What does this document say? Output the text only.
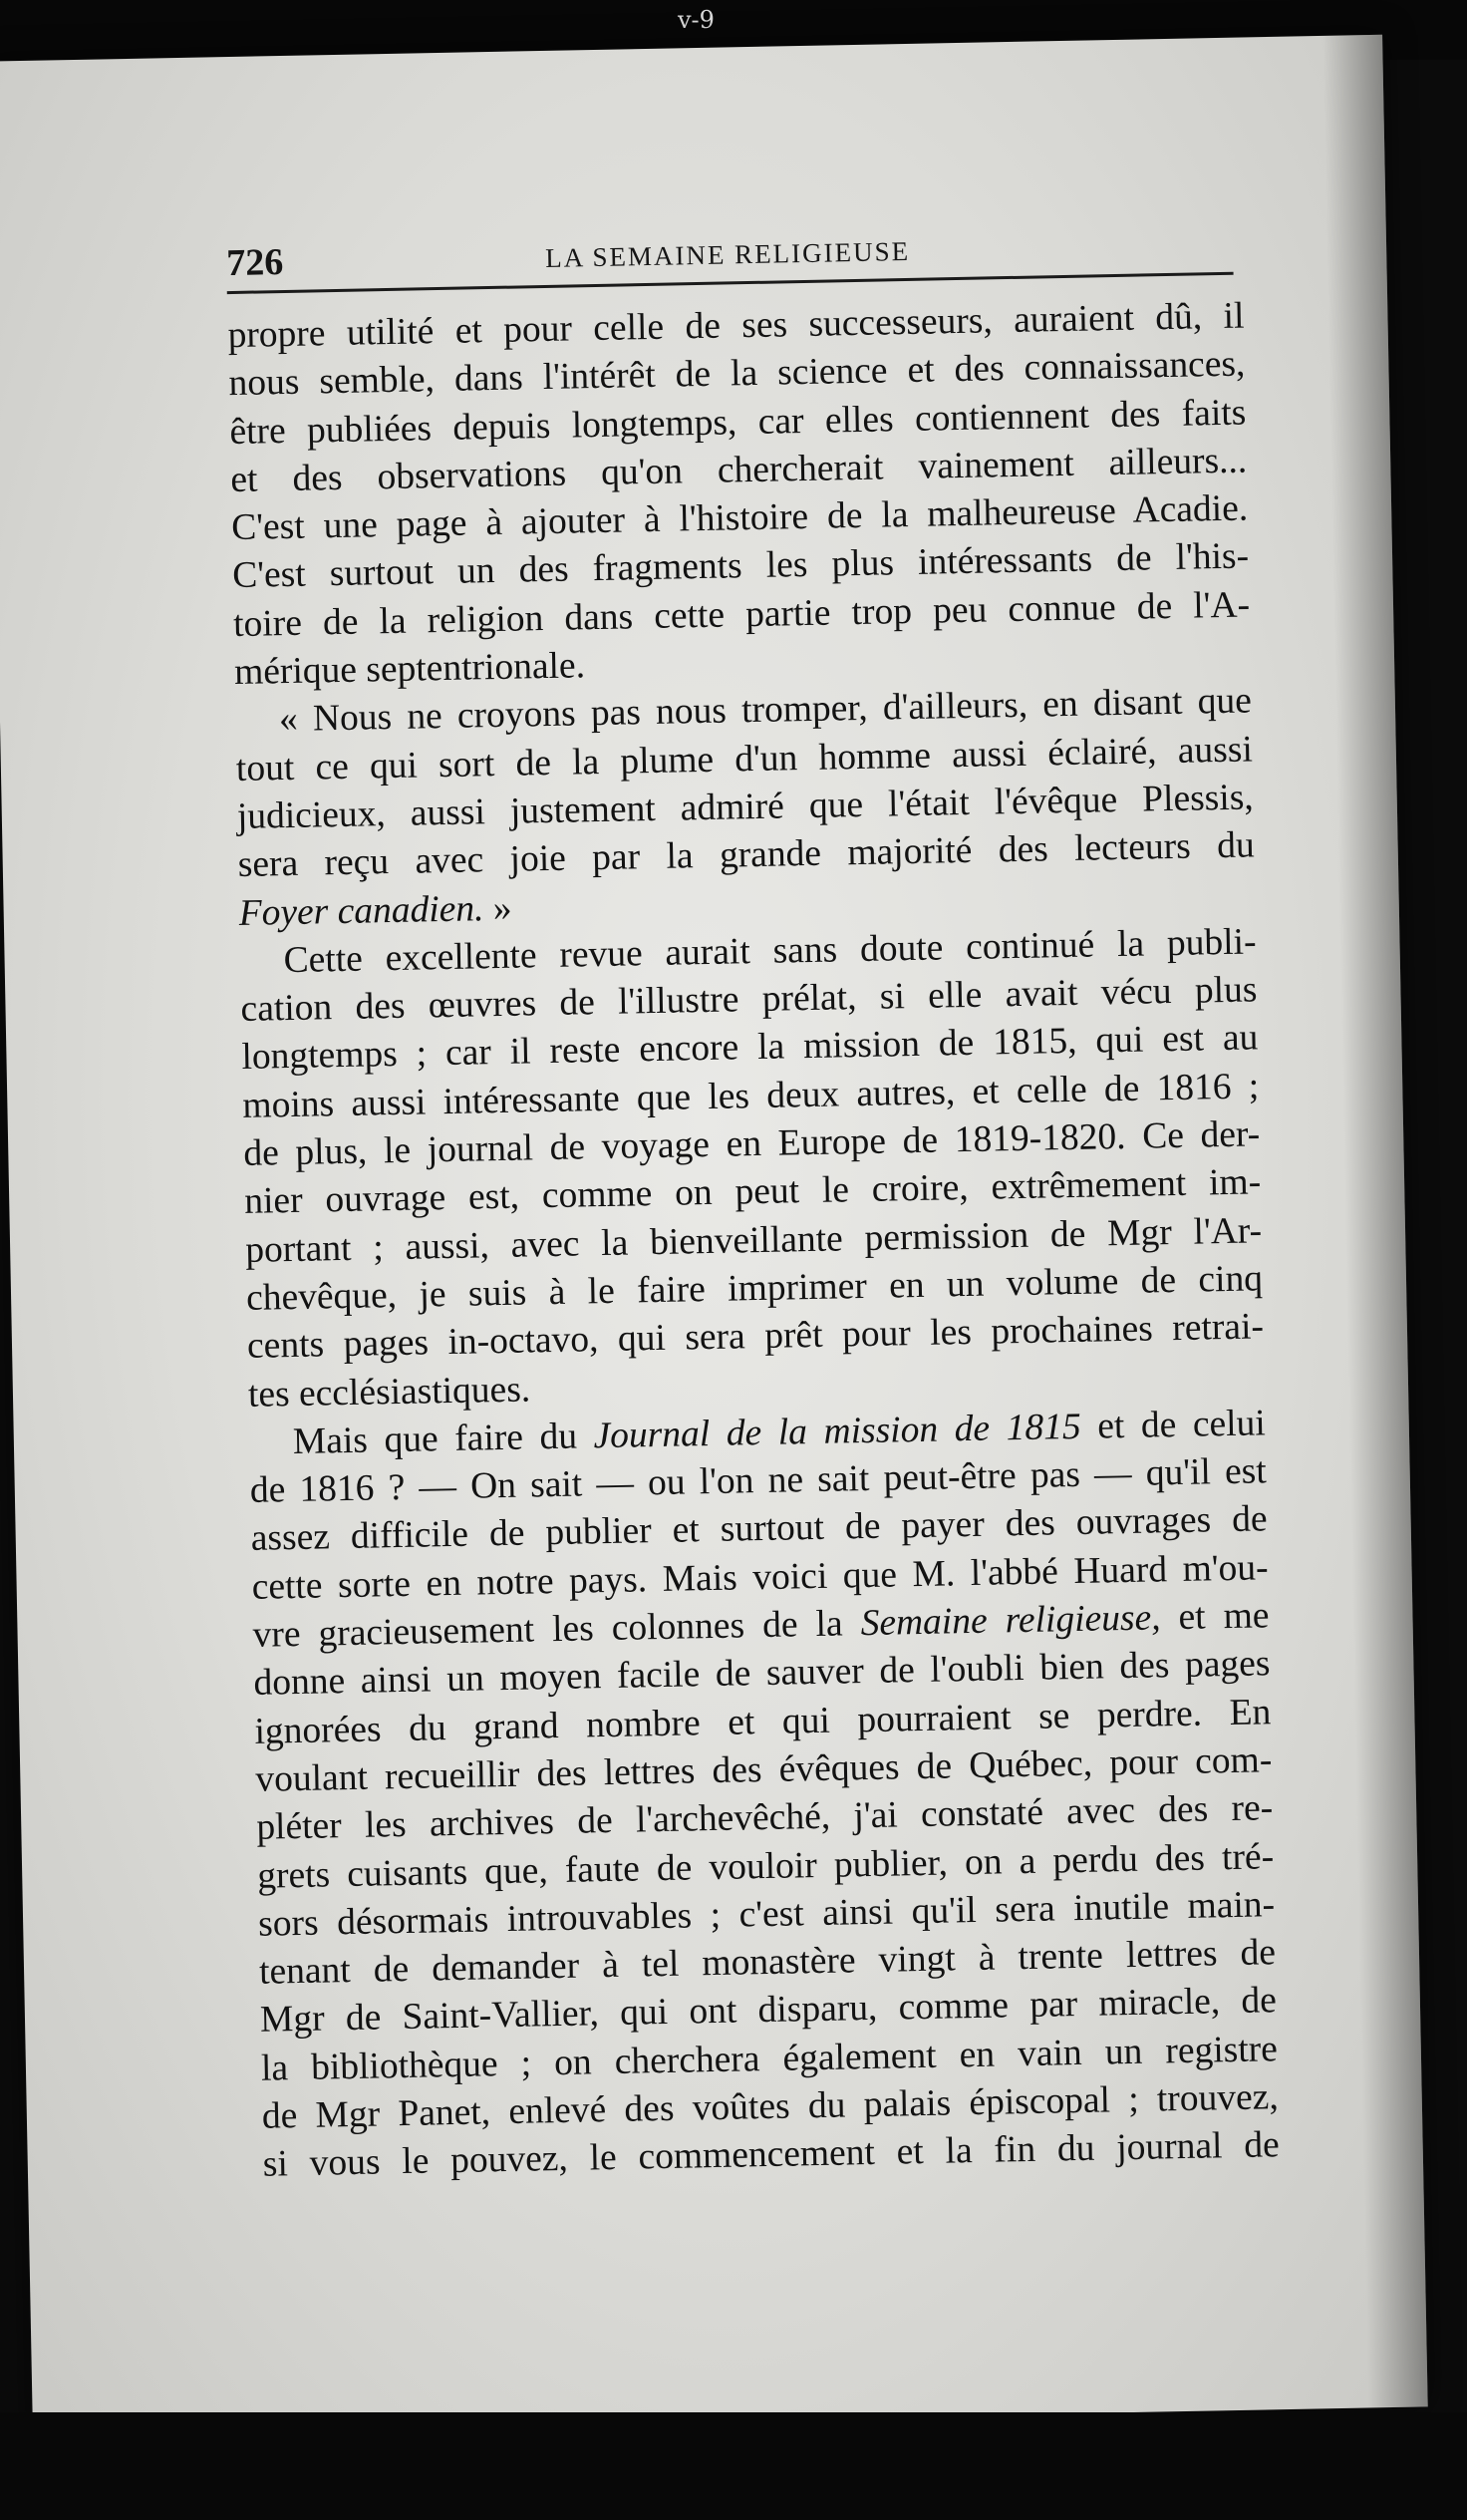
v-9
726	LA SEMAINE RELIGIEUSE
propre utilité et pour celle de ses successeurs, auraient dû, il
nous semble, dans l'intérêt de la science et des connaissances,
être publiées depuis longtemps, car elles contiennent des faits
et des observations qu'on chercherait vainement ailleurs...
C'est une page à ajouter à l'histoire de la malheureuse Acadie.
C'est surtout un des fragments les plus intéressants de l'his-
toire de la religion dans cette partie trop peu connue de l'A-
mérique septentrionale.
« Nous ne croyons pas nous tromper, d'ailleurs, en disant que
tout ce qui sort de la plume d'un homme aussi éclairé, aussi
judicieux, aussi justement admiré que l'était l'évêque Plessis,
sera reçu avec joie par la grande majorité des lecteurs du
Foyer canadien. »
Cette excellente revue aurait sans doute continué la publi-
cation des œuvres de l'illustre prélat, si elle avait vécu plus
longtemps ; car il reste encore la mission de 1815, qui est au
moins aussi intéressante que les deux autres, et celle de 1816 ;
de plus, le journal de voyage en Europe de 1819-1820. Ce der-
nier ouvrage est, comme on peut le croire, extrêmement im-
portant ; aussi, avec la bienveillante permission de Mgr l'Ar-
chevêque, je suis à le faire imprimer en un volume de cinq
cents pages in-octavo, qui sera prêt pour les prochaines retrai-
tes ecclésiastiques.
Mais que faire du Journal de la mission de 1815 et de celui
de 1816 ? — On sait — ou l'on ne sait peut-être pas — qu'il est
assez difficile de publier et surtout de payer des ouvrages de
cette sorte en notre pays. Mais voici que M. l'abbé Huard m'ou-
vre gracieusement les colonnes de la Semaine religieuse, et me
donne ainsi un moyen facile de sauver de l'oubli bien des pages
ignorées du grand nombre et qui pourraient se perdre. En
voulant recueillir des lettres des évêques de Québec, pour com-
pléter les archives de l'archevêché, j'ai constaté avec des re-
grets cuisants que, faute de vouloir publier, on a perdu des tré-
sors désormais introuvables ; c'est ainsi qu'il sera inutile main-
tenant de demander à tel monastère vingt à trente lettres de
Mgr de Saint-Vallier, qui ont disparu, comme par miracle, de
la bibliothèque ; on cherchera également en vain un registre
de Mgr Panet, enlevé des voûtes du palais épiscopal ; trouvez,
si vous le pouvez, le commencement et la fin du journal de
